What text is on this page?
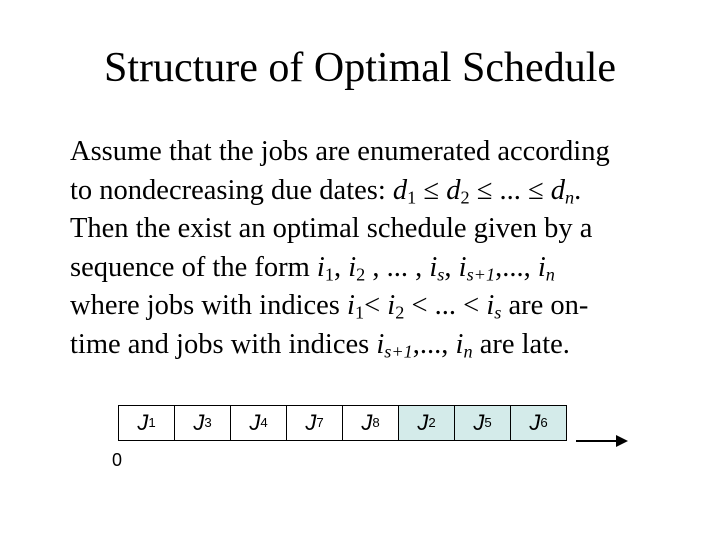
Structure of Optimal Schedule
Assume that the jobs are enumerated according
to nondecreasing due dates: $d_1 \le d_2$ ≤ ... ≤ $d_n$.
Then the exist an optimal schedule given by a
sequence of the form $i_1$, $i_2$ , ... , $i_s$, $i_{s+1}$,..., $i_n$
where jobs with indices $i_1< i_2$ < ... < $i_s$ are on-
time and jobs with indices $i_{s+1}$,..., $i_n$ are late.
J 1 J 3 J 4 J 7 J 8 J 2 J 5 J 6
0
